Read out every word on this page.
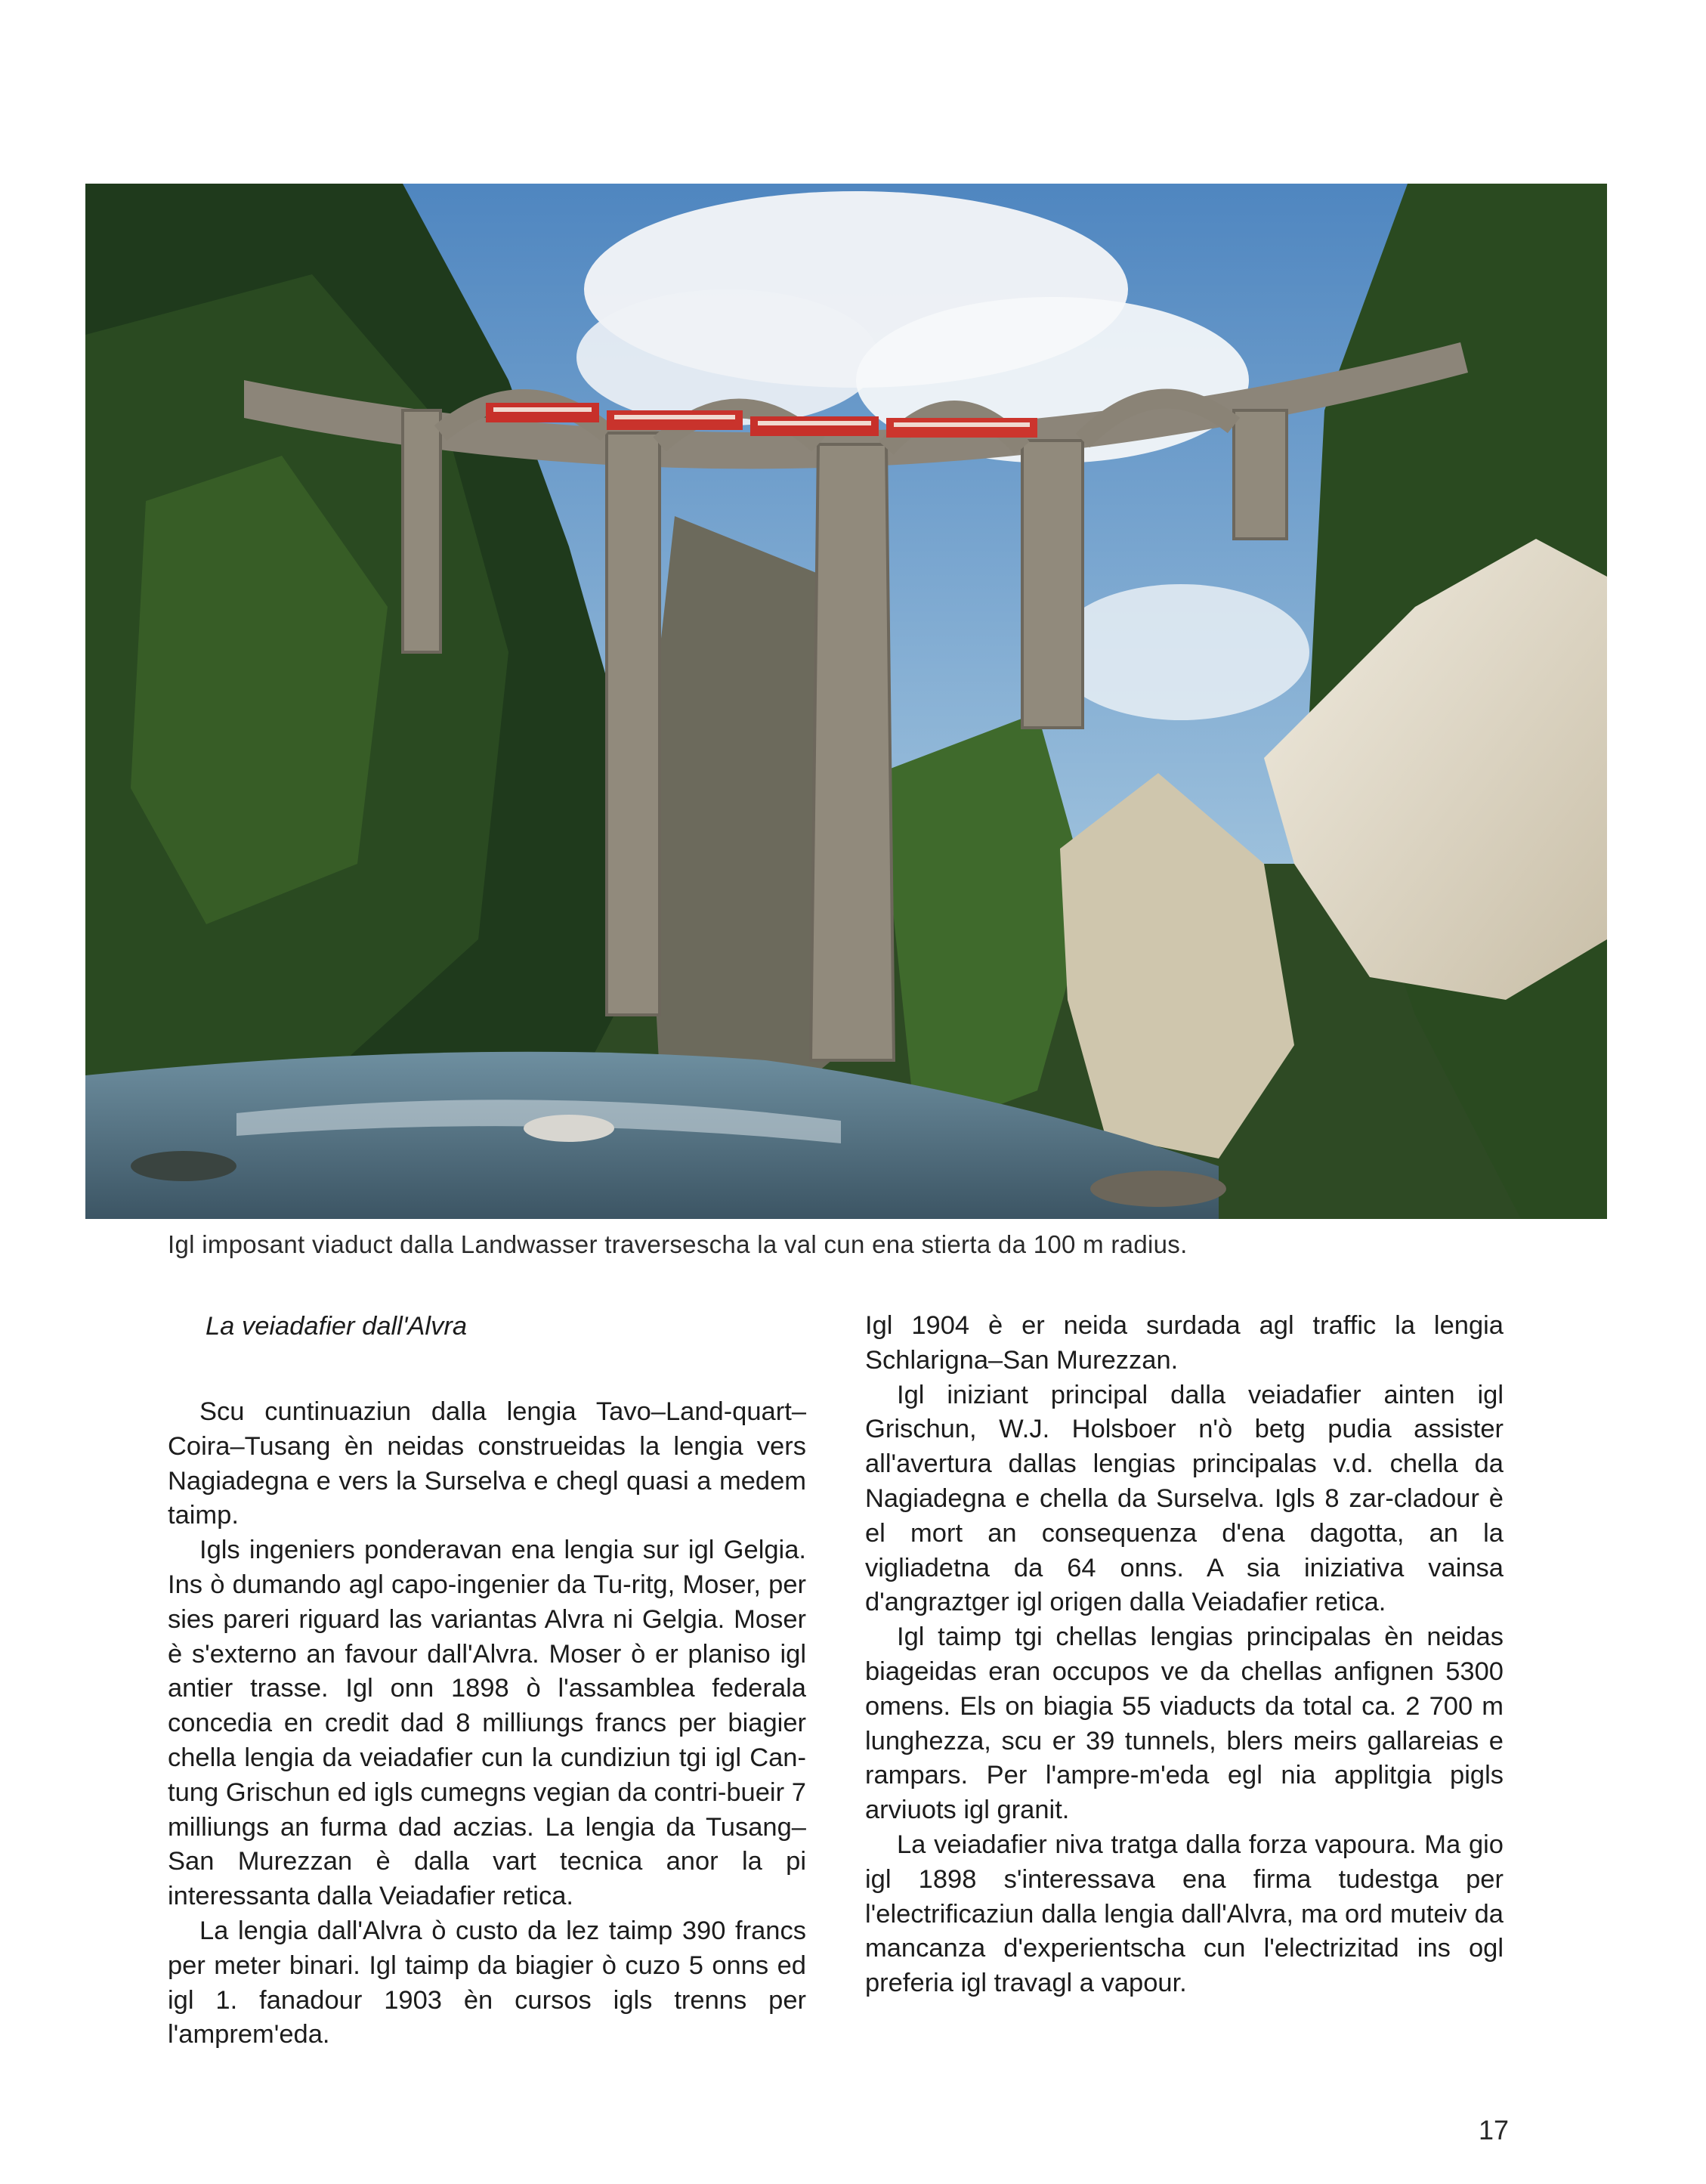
Igl imposant viaduct dalla Landwasser traversescha la val cun ena stierta da 100 m radius.
La veiadafier dall'Alvra

Scu cuntinuaziun dalla lengia Tavo–Land-quart–Coira–Tusang èn neidas construeidas la lengia vers Nagiadegna e vers la Surselva e chegl quasi a medem taimp.

Igls ingeniers ponderavan ena lengia sur igl Gelgia. Ins ò dumando agl capo-ingenier da Tu-ritg, Moser, per sies pareri riguard las variantas Alvra ni Gelgia. Moser è s'externo an favour dall'Alvra. Moser ò er planiso igl antier trasse. Igl onn 1898 ò l'assamblea federala concedia en credit dad 8 milliungs francs per biagier chella lengia da veiadafier cun la cundiziun tgi igl Can-tung Grischun ed igls cumegns vegian da contri-bueir 7 milliungs an furma dad aczias. La lengia da Tusang–San Murezzan è dalla vart tecnica anor la pi interessanta dalla Veiadafier retica.

La lengia dall'Alvra ò custo da lez taimp 390 francs per meter binari. Igl taimp da biagier ò cuzo 5 onns ed igl 1. fanadour 1903 èn cursos igls trenns per l'amprem'eda.

Igl 1904 è er neida surdada agl traffic la lengia Schlarigna–San Murezzan.

Igl iniziant principal dalla veiadafier ainten igl Grischun, W.J. Holsboer n'ò betg pudia assister all'avertura dallas lengias principalas v.d. chella da Nagiadegna e chella da Surselva. Igls 8 zar-cladour è el mort an consequenza d'ena dagotta, an la vigliadetna da 64 onns. A sia iniziativa vainsa d'angraztger igl origen dalla Veiadafier retica.

Igl taimp tgi chellas lengias principalas èn neidas biageidas eran occupos ve da chellas anfignen 5300 omens. Els on biagia 55 viaducts da total ca. 2 700 m lunghezza, scu er 39 tunnels, blers meirs gallareias e rampars. Per l'ampre-m'eda egl nia applitgia pigls arviuots igl granit.

La veiadafier niva tratga dalla forza vapoura. Ma gio igl 1898 s'interessava ena firma tudestga per l'electrificaziun dalla lengia dall'Alvra, ma ord muteiv da mancanza d'experientscha cun l'electrizitad ins ogl preferia igl travagl a vapour.

17
